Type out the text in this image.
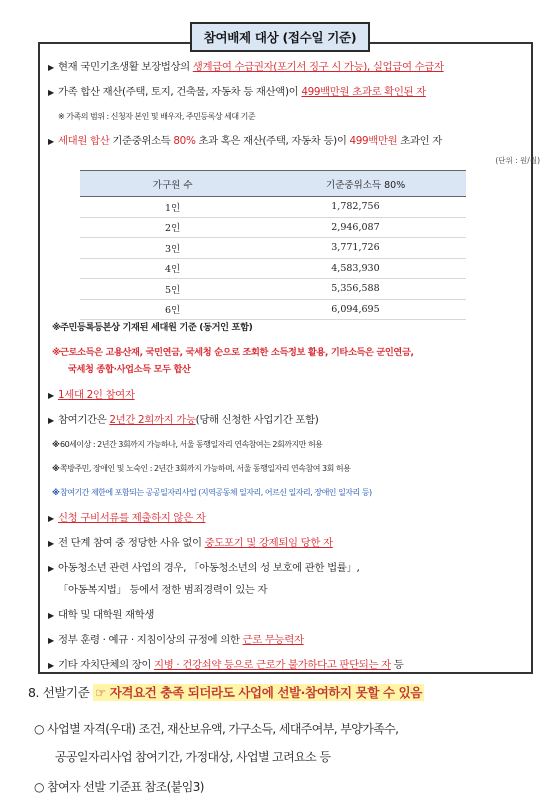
참여배제 대상 (접수일 기준)
▶ 현재 국민기초생활 보장법상의 생계급여 수급권자(포기서 징구 시 가능), 실업급여 수급자
▶ 가족 합산 재산(주택, 토지, 건축물, 자동차 등 재산액)이 499백만원 초과로 확인된 자
※ 가족의 범위 : 신청자 본인 및 배우자, 주민등록상 세대 기준
▶ 세대원 합산 기준중위소득 80% 초과 혹은 재산(주택, 자동차 등)이 499백만원 초과인 자
(단위 : 원/월)
가구원 수	기준중위소득 80%
1인	1,782,756
2인	2,946,087
3인	3,771,726
4인	4,583,930
5인	5,356,588
6인	6,094,695
※주민등록등본상 기재된 세대원 기준 (동거인 포함)
※근로소득은 고용산재, 국민연금, 국세청 순으로 조회한 소득정보 활용, 기타소득은 군인연금,
국세청 종합·사업소득 모두 합산
▶ 1세대 2인 참여자
▶ 참여기간은 2년간 2회까지 가능(당해 신청한 사업기간 포함)
※60세이상 : 2년간 3회까지 가능하나, 서울 동행일자리 연속참여는 2회까지만 허용
※쪽방주민, 장애인 및 노숙인 : 2년간 3회까지 가능하며, 서울 동행일자리 연속참여 3회 허용
※참여기간 제한에 포함되는 공공일자리사업 (지역공동체 일자리, 어르신 일자리, 장애인 일자리 등)
▶ 신청 구비서류를 제출하지 않은 자
▶ 전 단계 참여 중 정당한 사유 없이 중도포기 및 강제퇴임 당한 자
▶ 아동청소년 관련 사업의 경우, 「아동청소년의 성 보호에 관한 법률」,
「아동복지법」 등에서 정한 범죄경력이 있는 자
▶ 대학 및 대학원 재학생
▶ 정부 훈령 · 예규 · 지침이상의 규정에 의한 근로 무능력자
▶ 기타 자치단체의 장이 지병 · 건강쇠약 등으로 근로가 불가하다고 판단되는 자 등
8. 선발기준 ☞ 자격요건 충족 되더라도 사업에 선발·참여하지 못할 수 있음
○ 사업별 자격(우대) 조건, 재산보유액, 가구소득, 세대주여부, 부양가족수,
공공일자리사업 참여기간, 가정대상, 사업별 고려요소 등
○ 참여자 선발 기준표 참조(붙임3)
